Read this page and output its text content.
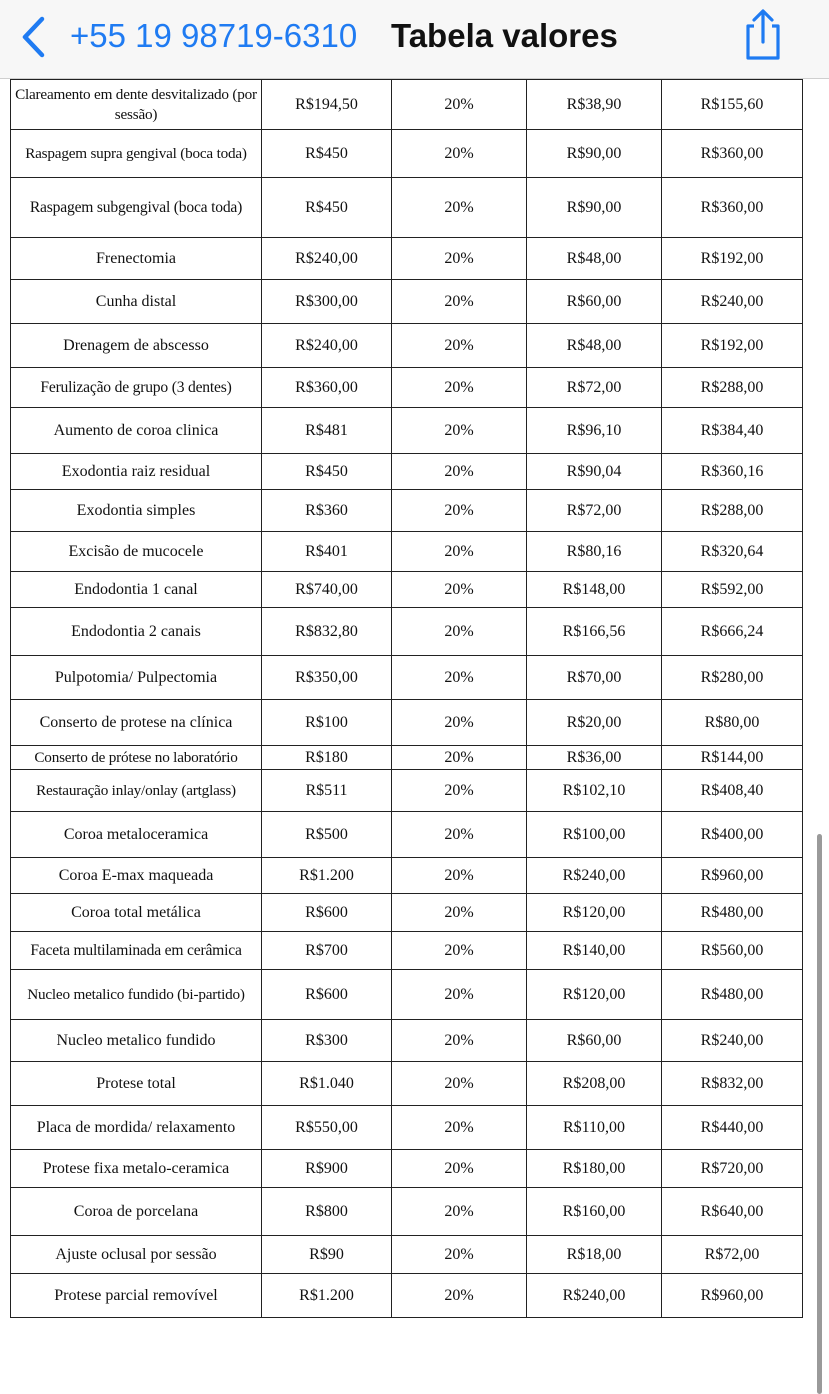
+55 19 98719-6310 Tabela valores
Clareamento em dente desvitalizado (por sessão)	R$194,50	20%	R$38,90	R$155,60
Raspagem supra gengival (boca toda)	R$450	20%	R$90,00	R$360,00
Raspagem subgengival (boca toda)	R$450	20%	R$90,00	R$360,00
Frenectomia	R$240,00	20%	R$48,00	R$192,00
Cunha distal	R$300,00	20%	R$60,00	R$240,00
Drenagem de abscesso	R$240,00	20%	R$48,00	R$192,00
Ferulização de grupo (3 dentes)	R$360,00	20%	R$72,00	R$288,00
Aumento de coroa clinica	R$481	20%	R$96,10	R$384,40
Exodontia raiz residual	R$450	20%	R$90,04	R$360,16
Exodontia simples	R$360	20%	R$72,00	R$288,00
Excisão de mucocele	R$401	20%	R$80,16	R$320,64
Endodontia 1 canal	R$740,00	20%	R$148,00	R$592,00
Endodontia 2 canais	R$832,80	20%	R$166,56	R$666,24
Pulpotomia/ Pulpectomia	R$350,00	20%	R$70,00	R$280,00
Conserto de protese na clínica	R$100	20%	R$20,00	R$80,00
Conserto de prótese no laboratório	R$180	20%	R$36,00	R$144,00
Restauração inlay/onlay (artglass)	R$511	20%	R$102,10	R$408,40
Coroa metaloceramica	R$500	20%	R$100,00	R$400,00
Coroa E-max maqueada	R$1.200	20%	R$240,00	R$960,00
Coroa total metálica	R$600	20%	R$120,00	R$480,00
Faceta multilaminada em cerâmica	R$700	20%	R$140,00	R$560,00
Nucleo metalico fundido (bi-partido)	R$600	20%	R$120,00	R$480,00
Nucleo metalico fundido	R$300	20%	R$60,00	R$240,00
Protese total	R$1.040	20%	R$208,00	R$832,00
Placa de mordida/ relaxamento	R$550,00	20%	R$110,00	R$440,00
Protese fixa metalo-ceramica	R$900	20%	R$180,00	R$720,00
Coroa de porcelana	R$800	20%	R$160,00	R$640,00
Ajuste oclusal por sessão	R$90	20%	R$18,00	R$72,00
Protese parcial removível	R$1.200	20%	R$240,00	R$960,00
